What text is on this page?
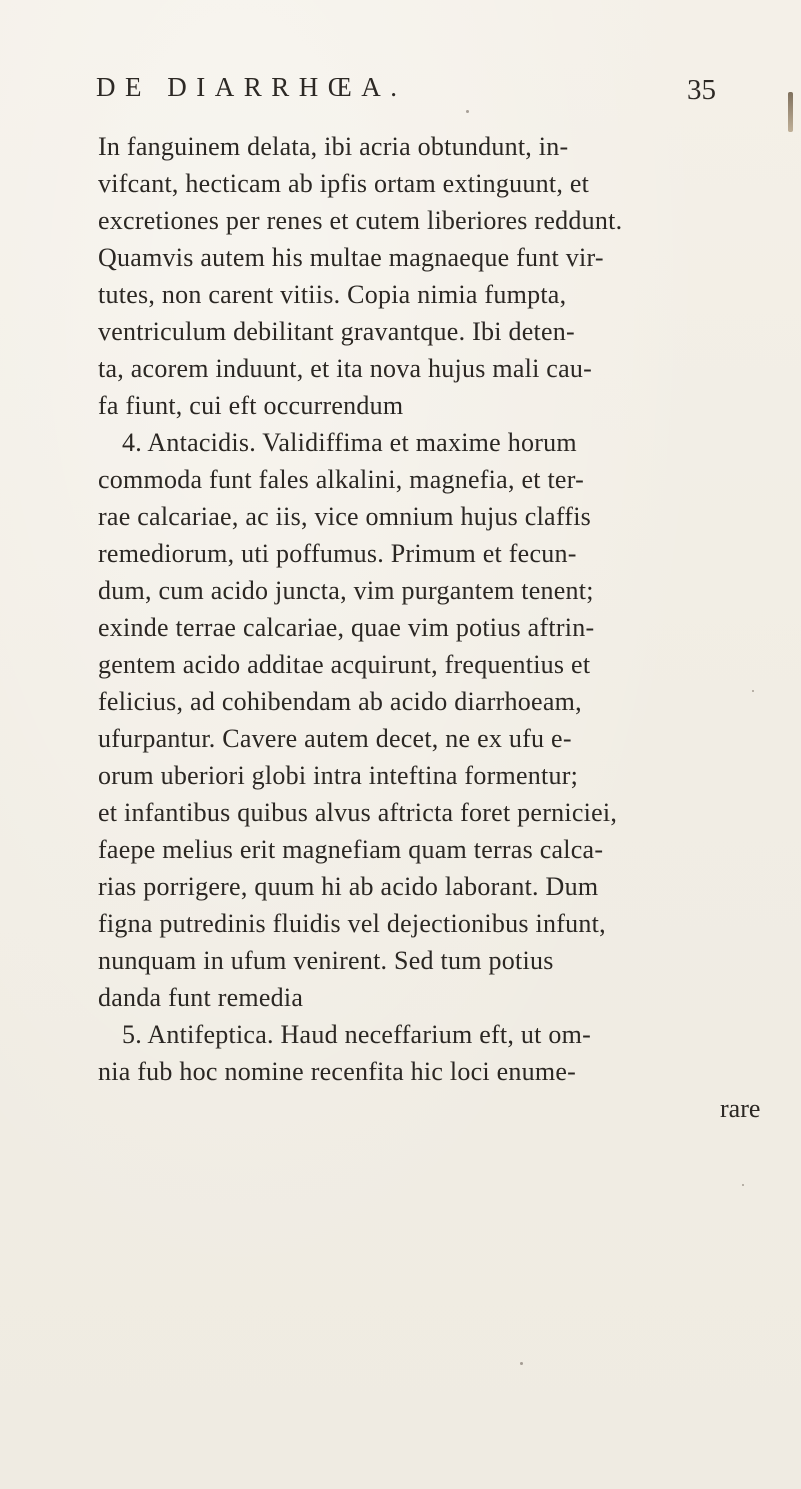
DE DIARRHŒA.	35
In fanguinem delata, ibi acria obtundunt, in-
vifcant, hecticam ab ipfis ortam extinguunt, et
excretiones per renes et cutem liberiores reddunt.
Quamvis autem his multae magnaeque funt vir-
tutes, non carent vitiis. Copia nimia fumpta,
ventriculum debilitant gravantque. Ibi deten-
ta, acorem induunt, et ita nova hujus mali cau-
fa fiunt, cui eft occurrendum
4. Antacidis. Validiffima et maxime horum
commoda funt fales alkalini, magnefia, et ter-
rae calcariae, ac iis, vice omnium hujus claffis
remediorum, uti poffumus. Primum et fecun-
dum, cum acido juncta, vim purgantem tenent;
exinde terrae calcariae, quae vim potius aftrin-
gentem acido additae acquirunt, frequentius et
felicius, ad cohibendam ab acido diarrhoeam,
ufurpantur. Cavere autem decet, ne ex ufu e-
orum uberiori globi intra inteftina formentur;
et infantibus quibus alvus aftricta foret perniciei,
faepe melius erit magnefiam quam terras calca-
rias porrigere, quum hi ab acido laborant. Dum
figna putredinis fluidis vel dejectionibus infunt,
nunquam in ufum venirent. Sed tum potius
danda funt remedia
5. Antifeptica. Haud neceffarium eft, ut om-
nia fub hoc nomine recenfita hic loci enume-
rare
